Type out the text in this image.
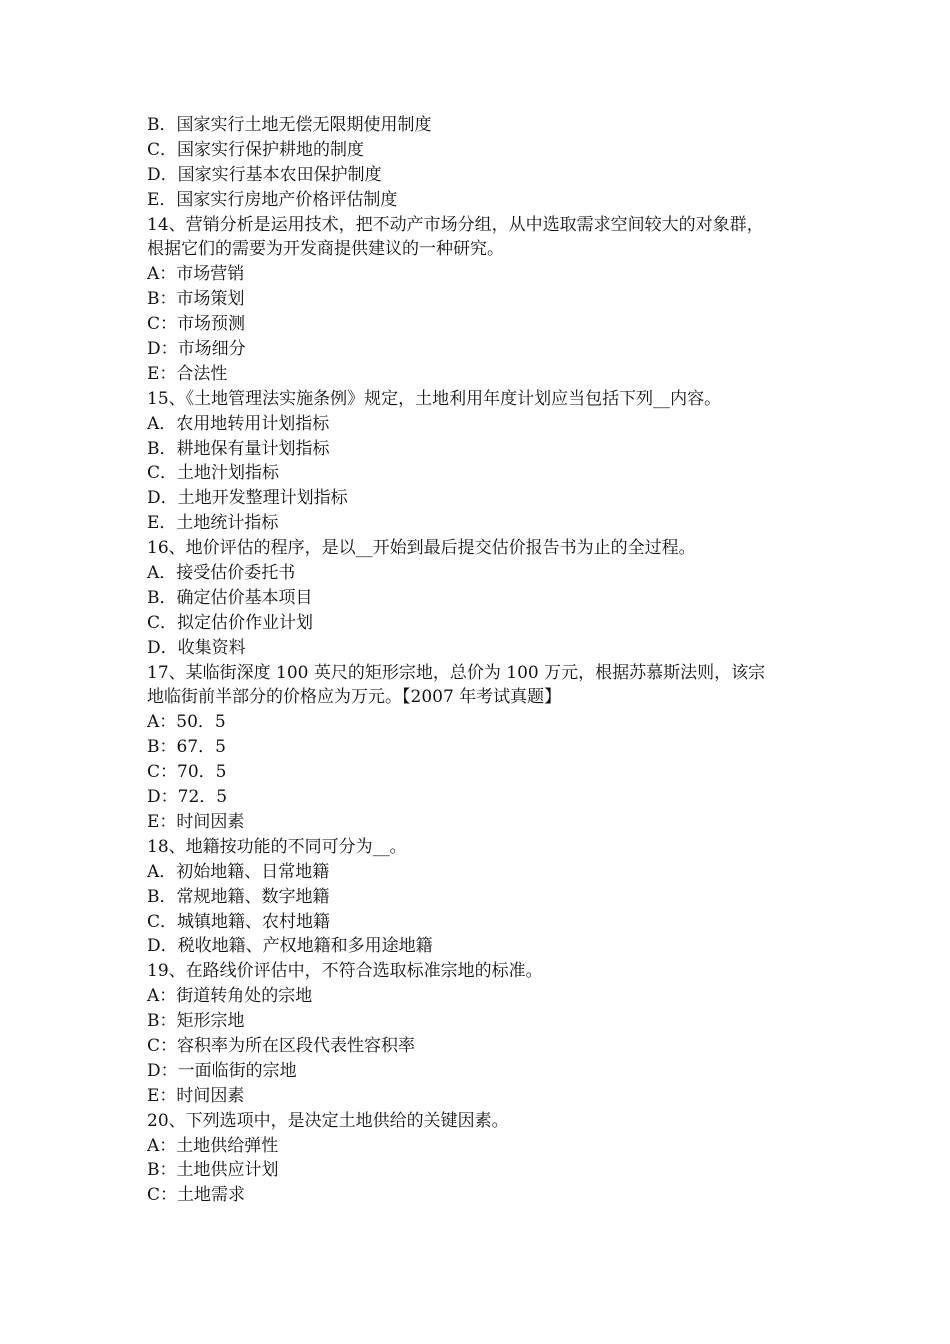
B．国家实行土地无偿无限期使用制度
C．国家实行保护耕地的制度
D．国家实行基本农田保护制度
E．国家实行房地产价格评估制度
14、营销分析是运用技术，把不动产市场分组，从中选取需求空间较大的对象群，
根据它们的需要为开发商提供建议的一种研究。
A：市场营销
B：市场策划
C：市场预测
D：市场细分
E：合法性
15、《土地管理法实施条例》规定，土地利用年度计划应当包括下列__内容。
A．农用地转用计划指标
B．耕地保有量计划指标
C．土地汁划指标
D．土地开发整理计划指标
E．土地统计指标
16、地价评估的程序，是以__开始到最后提交估价报告书为止的全过程。
A．接受估价委托书
B．确定估价基本项目
C．拟定估价作业计划
D．收集资料
17、某临街深度 100 英尺的矩形宗地，总价为 100 万元，根据苏慕斯法则，该宗
地临街前半部分的价格应为万元。【2007 年考试真题】
A：50．5
B：67．5
C：70．5
D：72．5
E：时间因素
18、地籍按功能的不同可分为__。
A．初始地籍、日常地籍
B．常规地籍、数字地籍
C．城镇地籍、农村地籍
D．税收地籍、产权地籍和多用途地籍
19、在路线价评估中，不符合选取标准宗地的标准。
A：街道转角处的宗地
B：矩形宗地
C：容积率为所在区段代表性容积率
D：一面临街的宗地
E：时间因素
20、下列选项中，是决定土地供给的关键因素。
A：土地供给弹性
B：土地供应计划
C：土地需求
